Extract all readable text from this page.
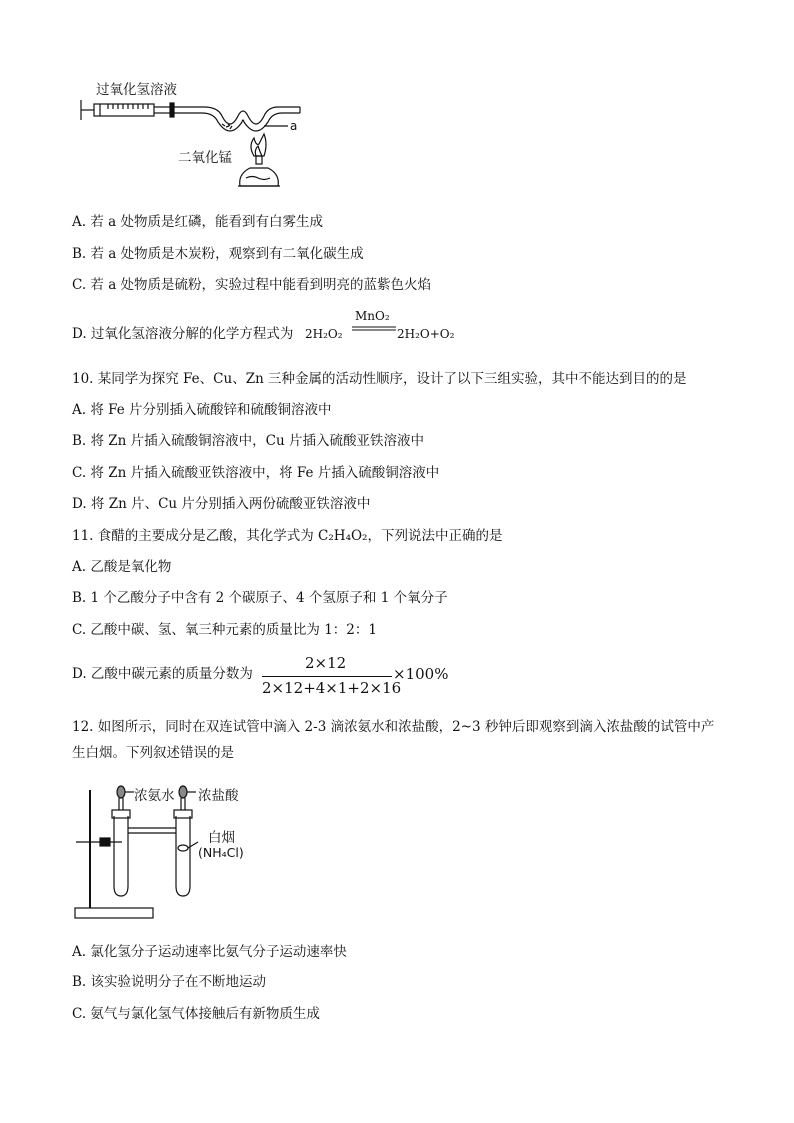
过氧化氢溶液
a
二氧化锰
A. 若 a 处物质是红磷，能看到有白雾生成
B. 若 a 处物质是木炭粉，观察到有二氧化碳生成
C. 若 a 处物质是硫粉，实验过程中能看到明亮的蓝紫色火焰
D. 过氧化氢溶液分解的化学方程式为 2H₂O₂
MnO₂
2H₂O+O₂
10. 某同学为探究 Fe、Cu、Zn 三种金属的活动性顺序，设计了以下三组实验，其中不能达到目的的是
A. 将 Fe 片分别插入硫酸锌和硫酸铜溶液中
B. 将 Zn 片插入硫酸铜溶液中，Cu 片插入硫酸亚铁溶液中
C. 将 Zn 片插入硫酸亚铁溶液中，将 Fe 片插入硫酸铜溶液中
D. 将 Zn 片、Cu 片分别插入两份硫酸亚铁溶液中
11. 食醋的主要成分是乙酸，其化学式为 C₂H₄O₂，下列说法中正确的是
A. 乙酸是氧化物
B. 1 个乙酸分子中含有 2 个碳原子、4 个氢原子和 1 个氧分子
C. 乙酸中碳、氢、氧三种元素的质量比为 1：2：1
D. 乙酸中碳元素的质量分数为
2×12
2×12+4×1+2×16
×100%
12. 如图所示，同时在双连试管中滴入 2-3 滴浓氨水和浓盐酸，2~3 秒钟后即观察到滴入浓盐酸的试管中产
生白烟。下列叙述错误的是
浓氨水 浓盐酸
白烟
(NH₄Cl)
A. 氯化氢分子运动速率比氨气分子运动速率快
B. 该实验说明分子在不断地运动
C. 氨气与氯化氢气体接触后有新物质生成
